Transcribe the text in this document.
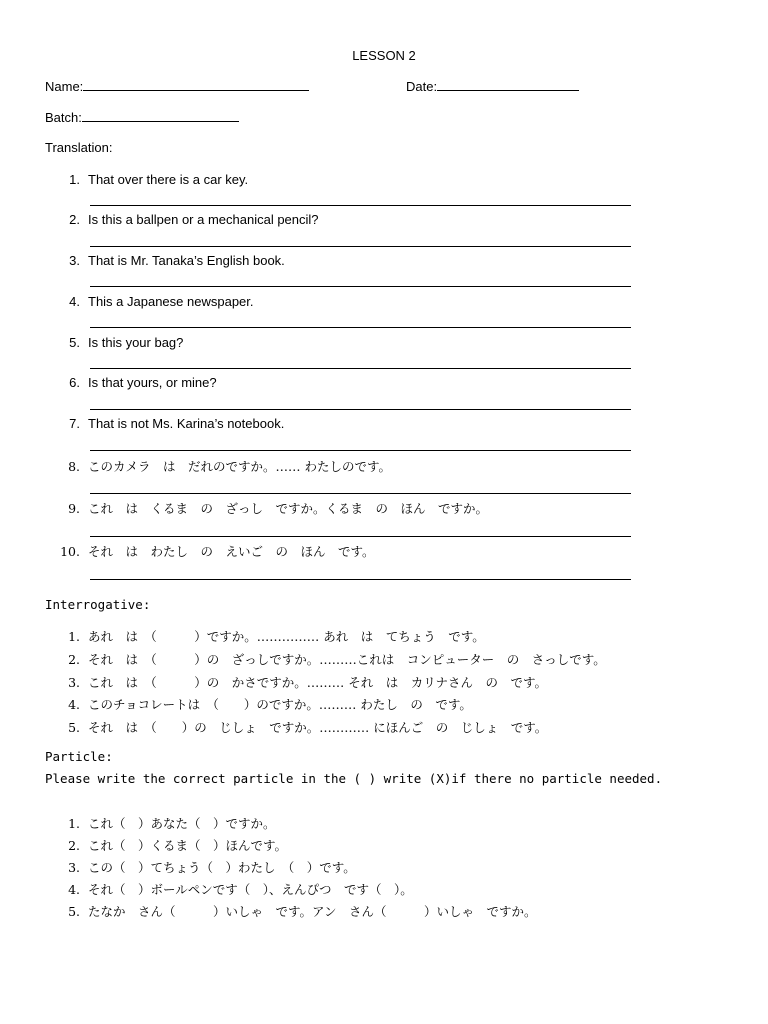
LESSON 2
Name:	Date:
Batch:
Translation:
1. That over there is a car key.
2. Is this a ballpen or a mechanical pencil?
3. That is Mr. Tanaka’s English book.
4. This a Japanese newspaper.
5. Is this your bag?
6. Is that yours, or mine?
7. That is not Ms. Karina’s notebook.
8. このカメラ　は　だれのですか。…… わたしのです。
9. これ　は　くるま　の　ざっし　ですか。くるま　の　ほん　ですか。
10. それ　は　わたし　の　えいご　の　ほん　です。
Interrogative:
1. あれ　は　（　　　）ですか。…………… あれ　は　てちょう　です。
2. それ　は　（　　　）の　ざっしですか。………これは　コンピューター　の　さっしです。
3. これ　は　（　　　）の　かさですか。……… それ　は　カリナさん　の　です。
4. このチョコレートは　（　　）のですか。……… わたし　の　です。
5. それ　は　（　　）の　じしょ　ですか。………… にほんご　の　じしょ　です。
Particle:
Please write the correct particle in the ( ) write (X)if there no particle needed.
1. これ（　）あなた（　）ですか。
2. これ（　）くるま（　）ほんです。
3. この（　）てちょう（　）わたし　（　）です。
4. それ（　）ボールペンです（　）、えんぴつ　です（　）。
5. たなか　さん（　　　）いしゃ　です。アン　さん（　　　）いしゃ　ですか。
